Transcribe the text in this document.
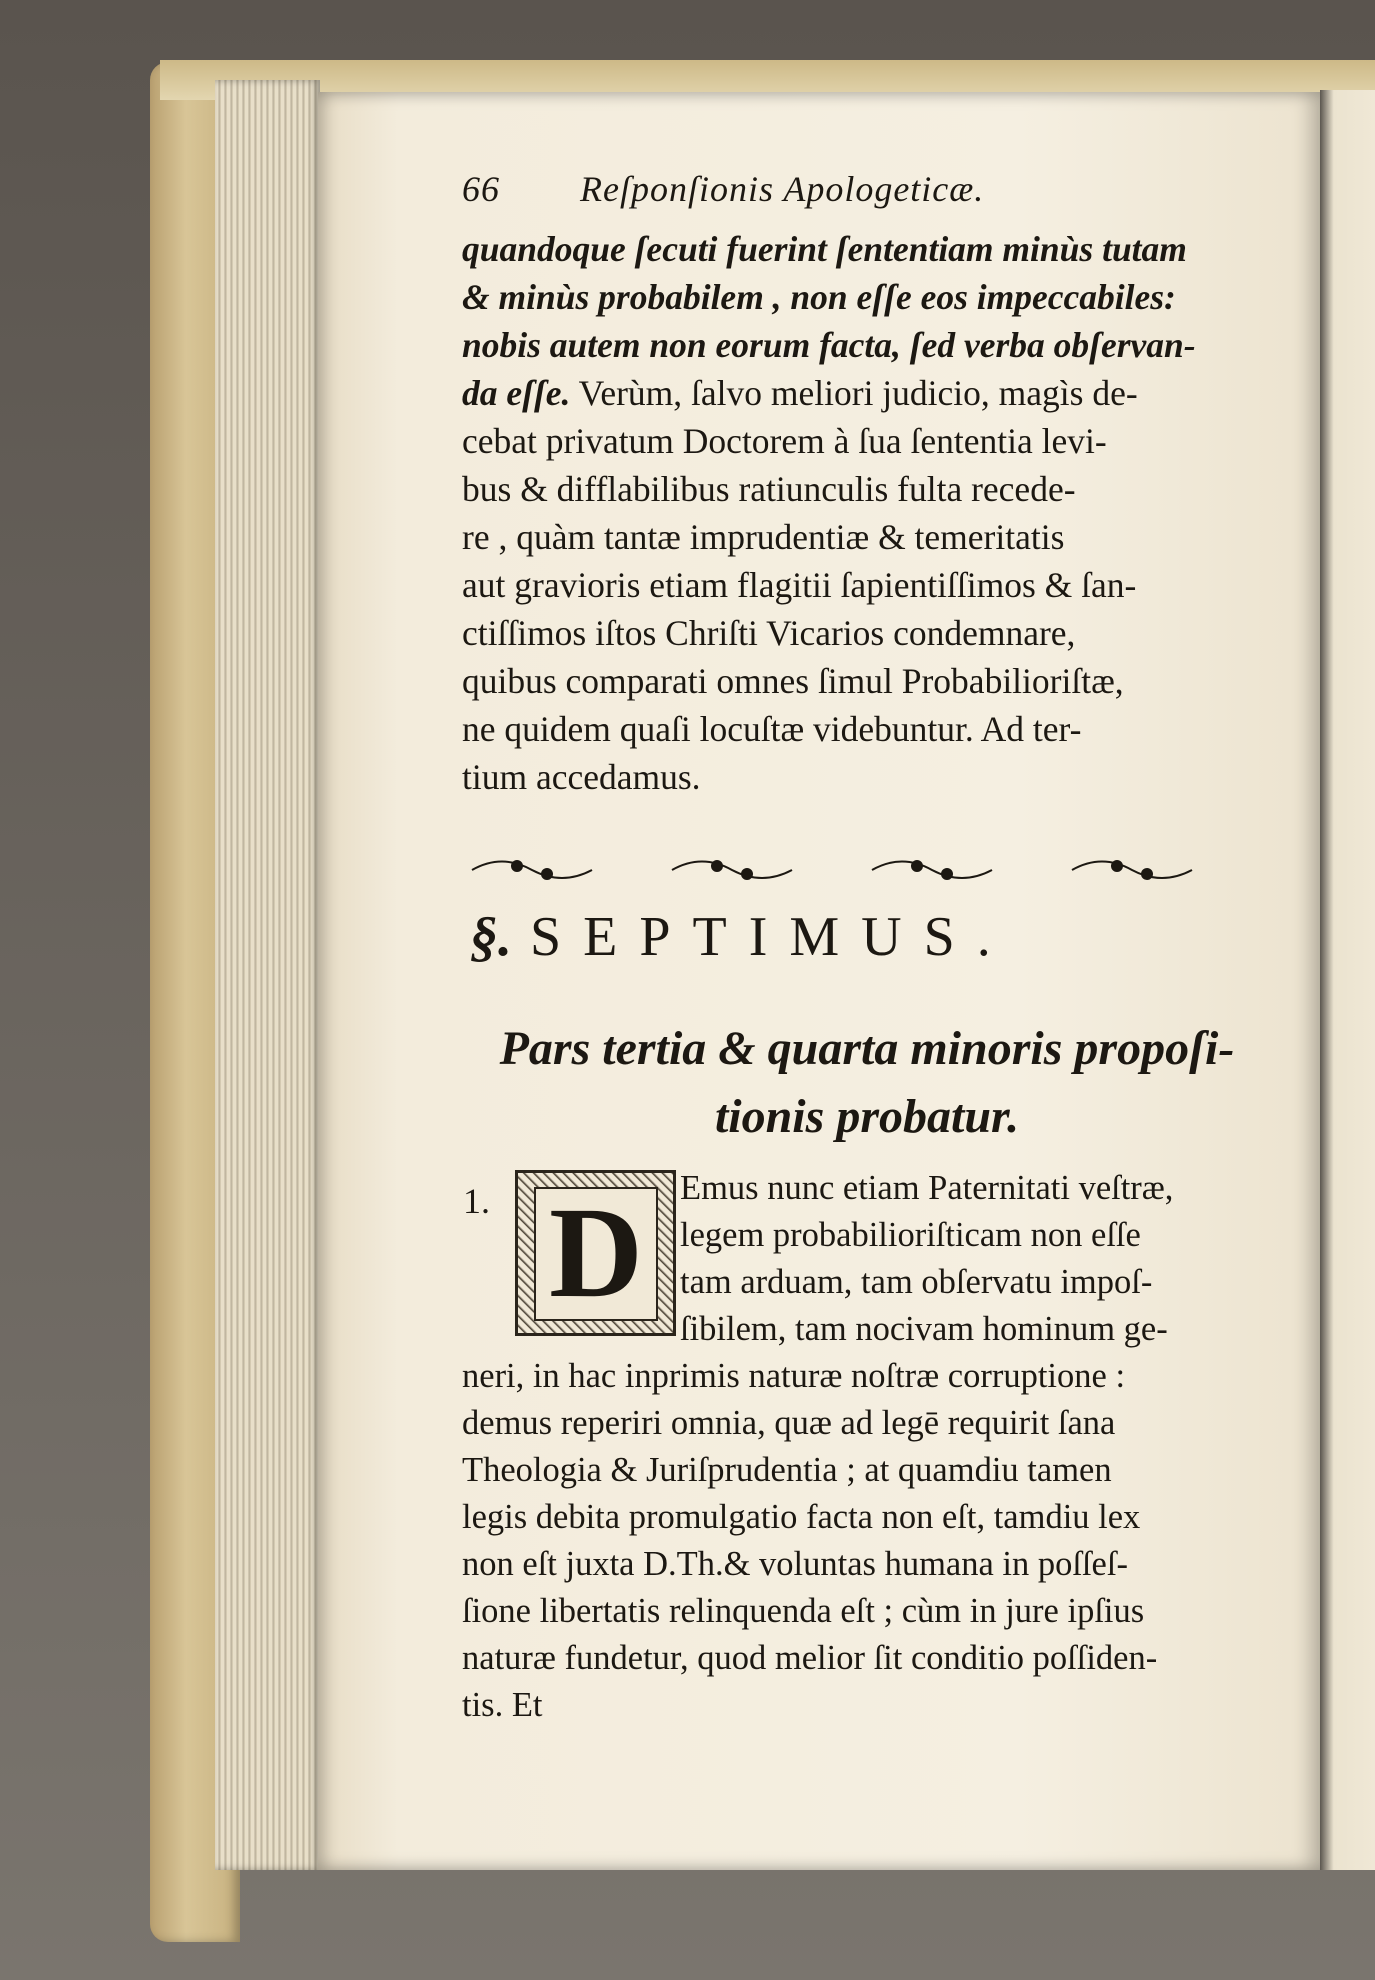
66 Reſponſionis Apologeticæ.
quandoque ſecuti fuerint ſententiam minùs tutam
& minùs probabilem , non eſſe eos impeccabiles:
nobis autem non eorum facta, ſed verba obſervan-
da eſſe. Verùm, ſalvo meliori judicio, magìs de-
cebat privatum Doctorem à ſua ſententia levi-
bus & difflabilibus ratiunculis fulta recede-
re , quàm tantæ imprudentiæ & temeritatis
aut gravioris etiam flagitii ſapientiſſimos & ſan-
ctiſſimos iſtos Chriſti Vicarios condemnare,
quibus comparati omnes ſimul Probabilioriſtæ,
ne quidem quaſi locuſtæ videbuntur. Ad ter-
tium accedamus.
§. SEPTIMUS.
Pars tertia & quarta minoris propoſi-
tionis probatur.
1. D	Emus nunc etiam Paternitati veſtræ,
legem probabilioriſticam non eſſe
tam arduam, tam obſervatu impoſ-
ſibilem, tam nocivam hominum ge-
neri, in hac inprimis naturæ noſtræ corruptione :
demus reperiri omnia, quæ ad legē requirit ſana
Theologia & Juriſprudentia ; at quamdiu tamen
legis debita promulgatio facta non eſt, tamdiu lex
non eſt juxta D.Th.& voluntas humana in poſſeſ-
ſione libertatis relinquenda eſt ; cùm in jure ipſius
naturæ fundetur, quod melior ſit conditio poſſiden-
tis. Et
